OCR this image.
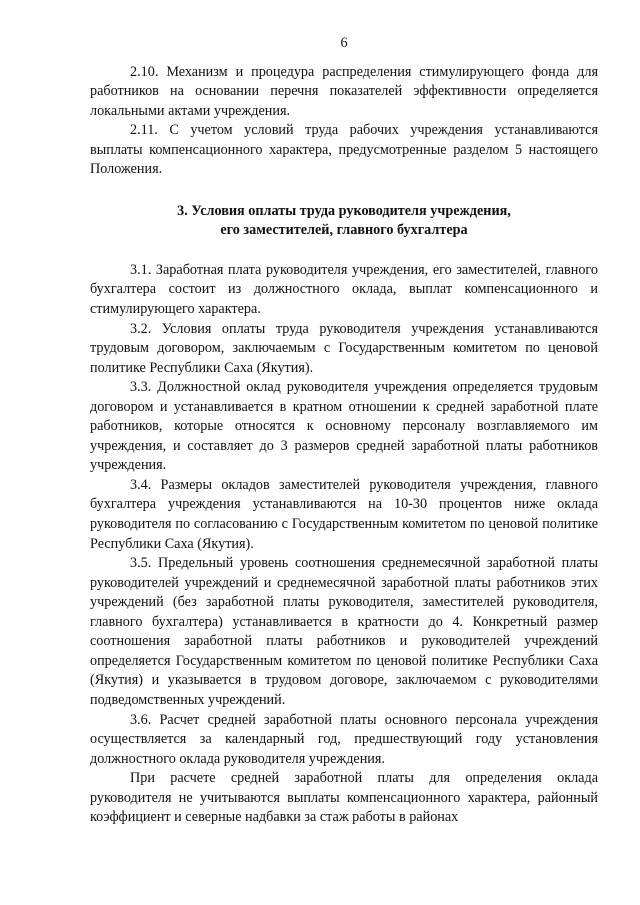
6

2.10. Механизм и процедура распределения стимулирующего фонда для работников на основании перечня показателей эффективности определяется локальными актами учреждения.

2.11. С учетом условий труда рабочих учреждения устанавливаются выплаты компенсационного характера, предусмотренные разделом 5 настоящего Положения.

3. Условия оплаты труда руководителя учреждения,
его заместителей, главного бухгалтера

3.1. Заработная плата руководителя учреждения, его заместителей, главного бухгалтера состоит из должностного оклада, выплат компенсационного и стимулирующего характера.

3.2. Условия оплаты труда руководителя учреждения устанавливаются трудовым договором, заключаемым с Государственным комитетом по ценовой политике Республики Саха (Якутия).

3.3. Должностной оклад руководителя учреждения определяется трудовым договором и устанавливается в кратном отношении к средней заработной плате работников, которые относятся к основному персоналу возглавляемого им учреждения, и составляет до 3 размеров средней заработной платы работников учреждения.

3.4. Размеры окладов заместителей руководителя учреждения, главного бухгалтера учреждения устанавливаются на 10-30 процентов ниже оклада руководителя по согласованию с Государственным комитетом по ценовой политике Республики Саха (Якутия).

3.5. Предельный уровень соотношения среднемесячной заработной платы руководителей учреждений и среднемесячной заработной платы работников этих учреждений (без заработной платы руководителя, заместителей руководителя, главного бухгалтера) устанавливается в кратности до 4. Конкретный размер соотношения заработной платы работников и руководителей учреждений определяется Государственным комитетом по ценовой политике Республики Саха (Якутия) и указывается в трудовом договоре, заключаемом с руководителями подведомственных учреждений.

3.6. Расчет средней заработной платы основного персонала учреждения осуществляется за календарный год, предшествующий году установления должностного оклада руководителя учреждения.

При расчете средней заработной платы для определения оклада руководителя не учитываются выплаты компенсационного характера, районный коэффициент и северные надбавки за стаж работы в районах
